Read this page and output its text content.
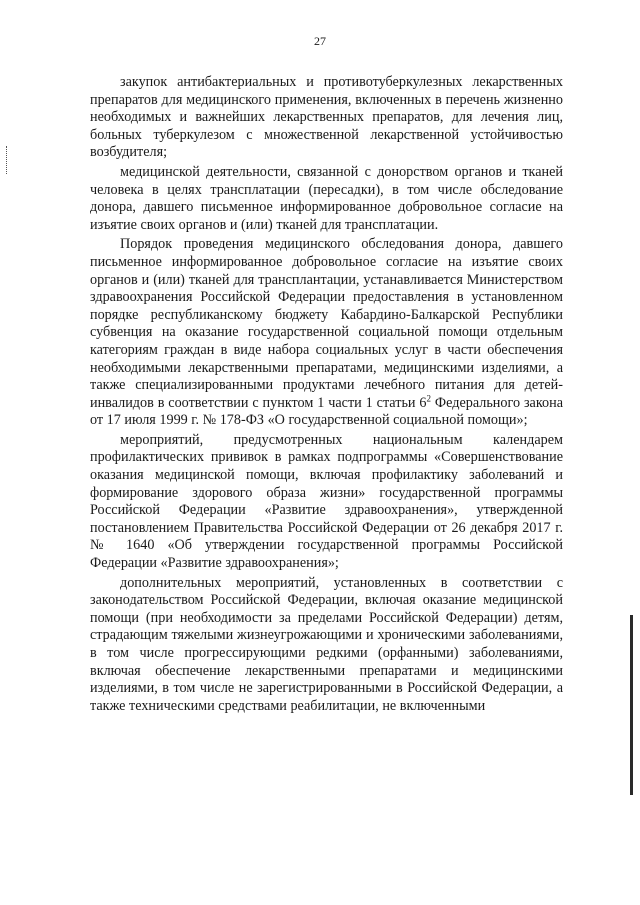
27

закупок антибактериальных и противотуберкулезных лекарственных препаратов для медицинского применения, включенных в перечень жизненно необходимых и важнейших лекарственных препаратов, для лечения лиц, больных туберкулезом с множественной лекарственной устойчивостью возбудителя;

медицинской деятельности, связанной с донорством органов и тканей человека в целях трансплатации (пересадки), в том числе обследование донора, давшего письменное информированное добровольное согласие на изъятие своих органов и (или) тканей для трансплатации.

Порядок проведения медицинского обследования донора, давшего письменное информированное добровольное согласие на изъятие своих органов и (или) тканей для трансплантации, устанавливается Министерством здравоохранения Российской Федерации предоставления в установленном порядке республиканскому бюджету Кабардино-Балкарской Республики субвенция на оказание государственной социальной помощи отдельным категориям граждан в виде набора социальных услуг в части обеспечения необходимыми лекарственными препаратами, медицинскими изделиями, а также специализированными продуктами лечебного питания для детей-инвалидов в соответствии с пунктом 1 части 1 статьи $6^2$ Федерального закона от 17 июля 1999 г. № 178-ФЗ «О государственной социальной помощи»;

мероприятий, предусмотренных национальным календарем профилактических прививок в рамках подпрограммы «Совершенствование оказания медицинской помощи, включая профилактику заболеваний и формирование здорового образа жизни» государственной программы Российской Федерации «Развитие здравоохранения», утвержденной постановлением Правительства Российской Федерации от 26 декабря 2017 г. № 1640 «Об утверждении государственной программы Российской Федерации «Развитие здравоохранения»;

дополнительных мероприятий, установленных в соответствии с законодательством Российской Федерации, включая оказание медицинской помощи (при необходимости за пределами Российской Федерации) детям, страдающим тяжелыми жизнеугрожающими и хроническими заболеваниями, в том числе прогрессирующими редкими (орфанными) заболеваниями, включая обеспечение лекарственными препаратами и медицинскими изделиями, в том числе не зарегистрированными в Российской Федерации, а также техническими средствами реабилитации, не включенными
